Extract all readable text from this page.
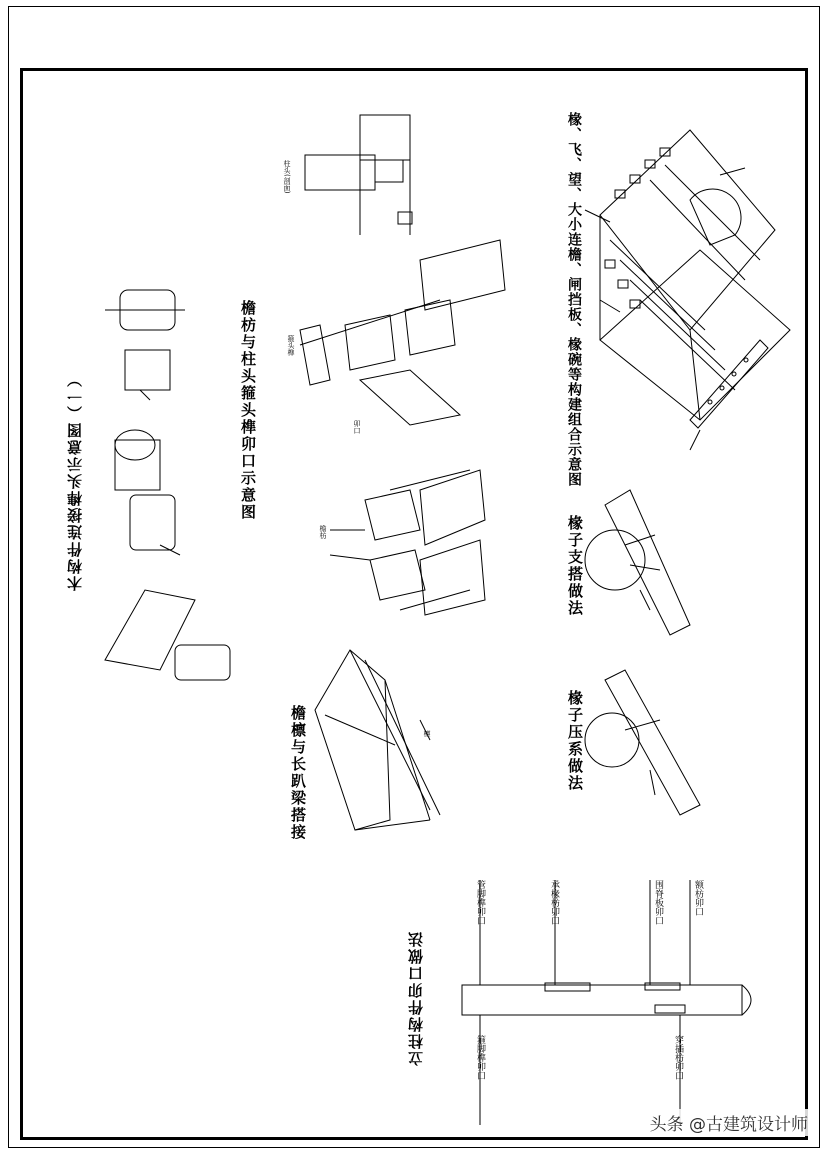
椽、飞、望、大小连檐、闸挡板、椽碗等构建组合示意图
檐枋与柱头箍头榫卯口示意图
木构件连接榫头示意图（一）	椽子支搭做法
椽子压系做法
檐檩与长趴梁搭接
立柱构件卯口做法
管脚榫卯口	承椽枋卯口	围脊板卯口	额枋卯口
箍脚榫卯口	穿插枋卯口
柱头(剖面)
箍头榫
卯口
檐枋
檩
头条 @古建筑设计师
